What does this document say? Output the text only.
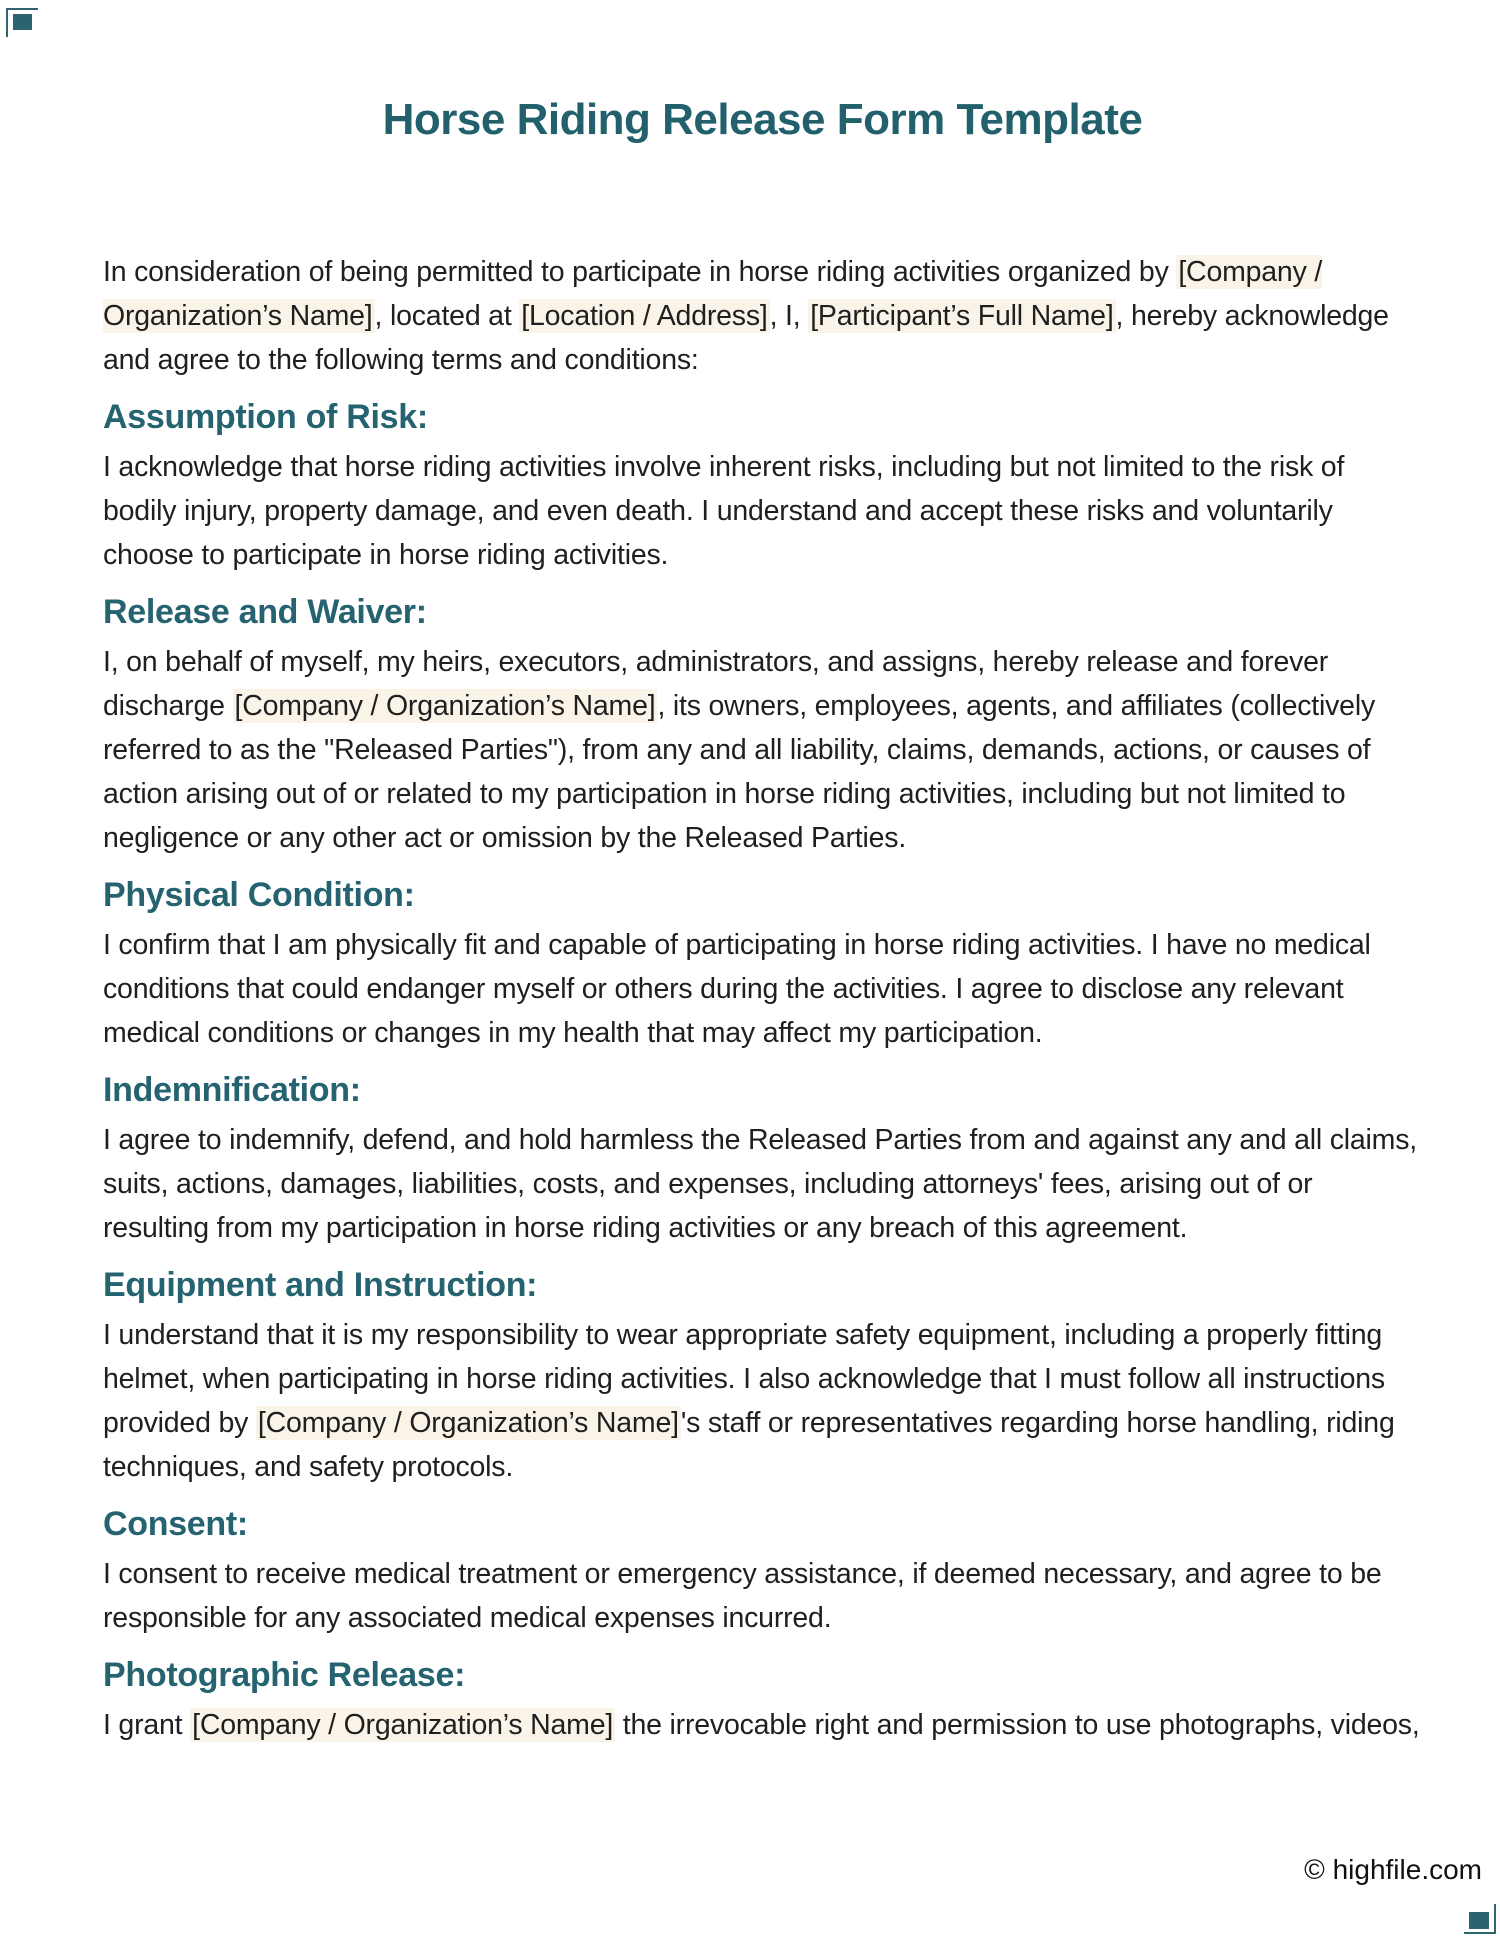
Horse Riding Release Form Template

In consideration of being permitted to participate in horse riding activities organized by [Company / Organization’s Name], located at [Location / Address], I, [Participant’s Full Name], hereby acknowledge and agree to the following terms and conditions:

Assumption of Risk:

I acknowledge that horse riding activities involve inherent risks, including but not limited to the risk of bodily injury, property damage, and even death. I understand and accept these risks and voluntarily choose to participate in horse riding activities.

Release and Waiver:

I, on behalf of myself, my heirs, executors, administrators, and assigns, hereby release and forever discharge [Company / Organization’s Name], its owners, employees, agents, and affiliates (collectively referred to as the "Released Parties"), from any and all liability, claims, demands, actions, or causes of action arising out of or related to my participation in horse riding activities, including but not limited to negligence or any other act or omission by the Released Parties.

Physical Condition:

I confirm that I am physically fit and capable of participating in horse riding activities. I have no medical conditions that could endanger myself or others during the activities. I agree to disclose any relevant medical conditions or changes in my health that may affect my participation.

Indemnification:

I agree to indemnify, defend, and hold harmless the Released Parties from and against any and all claims, suits, actions, damages, liabilities, costs, and expenses, including attorneys' fees, arising out of or resulting from my participation in horse riding activities or any breach of this agreement.

Equipment and Instruction:

I understand that it is my responsibility to wear appropriate safety equipment, including a properly fitting helmet, when participating in horse riding activities. I also acknowledge that I must follow all instructions provided by [Company / Organization’s Name]'s staff or representatives regarding horse handling, riding techniques, and safety protocols.

Consent:

I consent to receive medical treatment or emergency assistance, if deemed necessary, and agree to be responsible for any associated medical expenses incurred.

Photographic Release:

I grant [Company / Organization’s Name] the irrevocable right and permission to use photographs, videos,

© highfile.com
